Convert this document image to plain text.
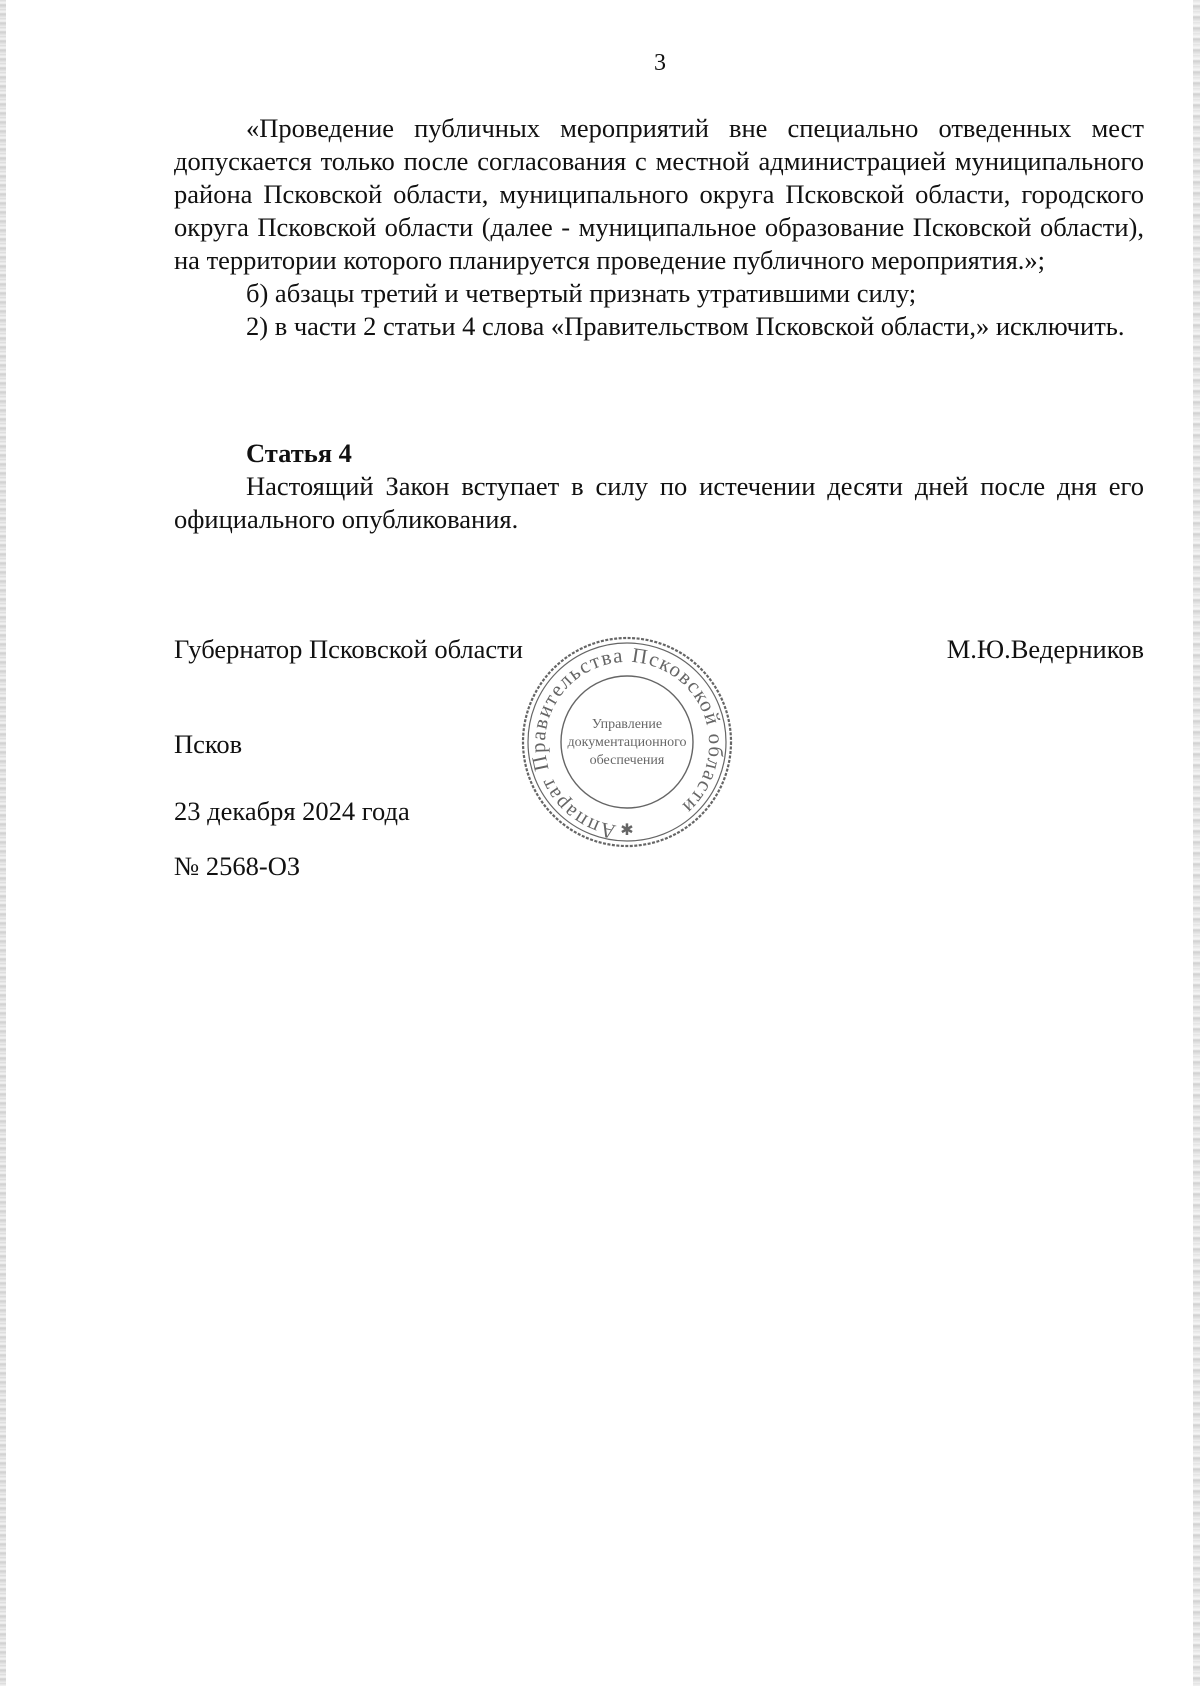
3

«Проведение публичных мероприятий вне специально отведенных мест допускается только после согласования с местной администрацией муниципального района Псковской области, муниципального округа Псковской области, городского округа Псковской области (далее - муниципальное образование Псковской области), на территории которого планируется проведение публичного мероприятия.»;

б) абзацы третий и четвертый признать утратившими силу;

2) в части 2 статьи 4 слова «Правительством Псковской области,» исключить.

Статья 4

Настоящий Закон вступает в силу по истечении десяти дней после дня его официального опубликования.

Губернатор Псковской области	М.Ю.Ведерников
Аппарат Правительства Псковской области
Управление
документационного
обеспечения
✱
Псков
23 декабря 2024 года
№ 2568-ОЗ
